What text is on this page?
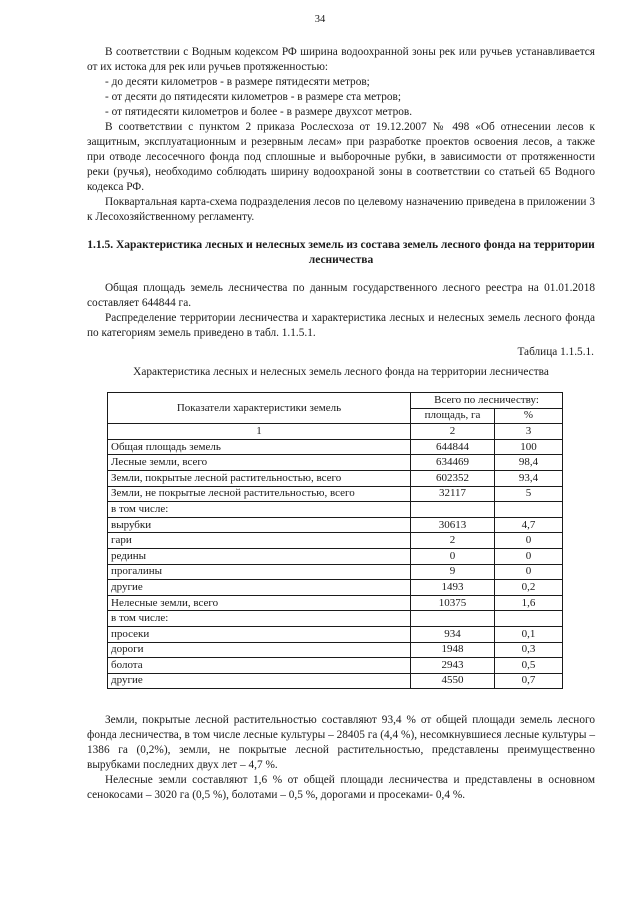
34

В соответствии с Водным кодексом РФ ширина водоохранной зоны рек или ручьев устанавливается от их истока для рек или ручьев протяженностью:

- до десяти километров - в размере пятидесяти метров;

- от десяти до пятидесяти километров - в размере ста метров;

- от пятидесяти километров и более - в размере двухсот метров.

В соответствии с пунктом 2 приказа Рослесхоза от 19.12.2007 № 498 «Об отнесении лесов к защитным, эксплуатационным и резервным лесам» при разработке проектов освоения лесов, а также при отводе лесосечного фонда под сплошные и выборочные рубки, в зависимости от протяженности реки (ручья), необходимо соблюдать ширину водоохраной зоны в соответствии со статьей 65 Водного кодекса РФ.

Поквартальная карта-схема подразделения лесов по целевому назначению приведена в приложении 3 к Лесохозяйственному регламенту.

1.1.5. Характеристика лесных и нелесных земель из состава земель лесного фонда на территории лесничества

Общая площадь земель лесничества по данным государственного лесного реестра на 01.01.2018 составляет 644844 га.

Распределение территории лесничества и характеристика лесных и нелесных земель лесного фонда по категориям земель приведено в табл. 1.1.5.1.

Таблица 1.1.5.1.
Характеристика лесных и нелесных земель лесного фонда на территории лесничества
Показатели характеристики земель	Всего по лесничеству:	
	площадь, га	%
1	2	3
Общая площадь земель	644844	100
Лесные земли, всего	634469	98,4
Земли, покрытые лесной растительностью, всего	602352	93,4
Земли, не покрытые лесной растительностью, всего	32117	5
в том числе:		
вырубки	30613	4,7
гари	2	0
редины	0	0
прогалины	9	0
другие	1493	0,2
Нелесные земли, всего	10375	1,6
в том числе:		
просеки	934	0,1
дороги	1948	0,3
болота	2943	0,5
другие	4550	0,7

Земли, покрытые лесной растительностью составляют 93,4 % от общей площади земель лесного фонда лесничества, в том числе лесные культуры – 28405 га (4,4 %), несомкнувшиеся лесные культуры –1386 га (0,2%), земли, не покрытые лесной растительностью, представлены преимущественно вырубками последних двух лет – 4,7 %.

Нелесные земли составляют 1,6 % от общей площади лесничества и представлены в основном сенокосами – 3020 га (0,5 %), болотами – 0,5 %, дорогами и просеками- 0,4 %.
